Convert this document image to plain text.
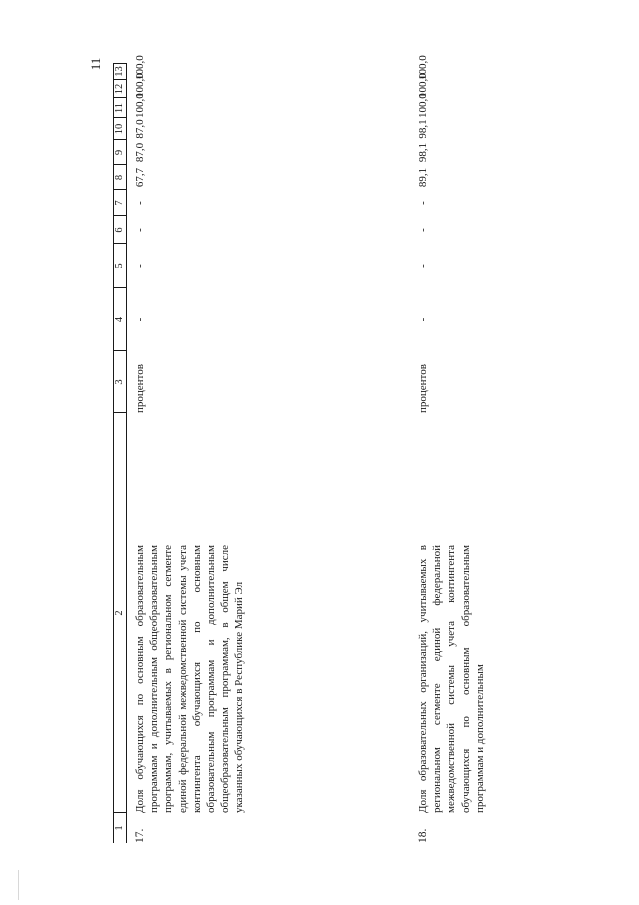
11
1
2
3
4
5
6
7
8
9
10
11
12
13
17.
Доля обучающихся по основным образовательным программам и дополнительным общеобразовательным программам, учитываемых в региональном сегменте единой федеральной межведомственной системы учета контингента обучающихся по основным образовательным программам и дополнительным общеобразовательным программам, в общем числе указанных обучающихся в Республике Марий Эл
процентов
-
-
-
-
67,7
87,0
87,0
100,0
100,0
100,0
18.
Доля образовательных организаций, учитываемых в региональном сегменте единой федеральной межведомственной системы учета контингента обучающихся по основным образовательным программам и дополнительным
процентов
-
-
-
-
89,1
98,1
98,1
100,0
100,0
100,0
